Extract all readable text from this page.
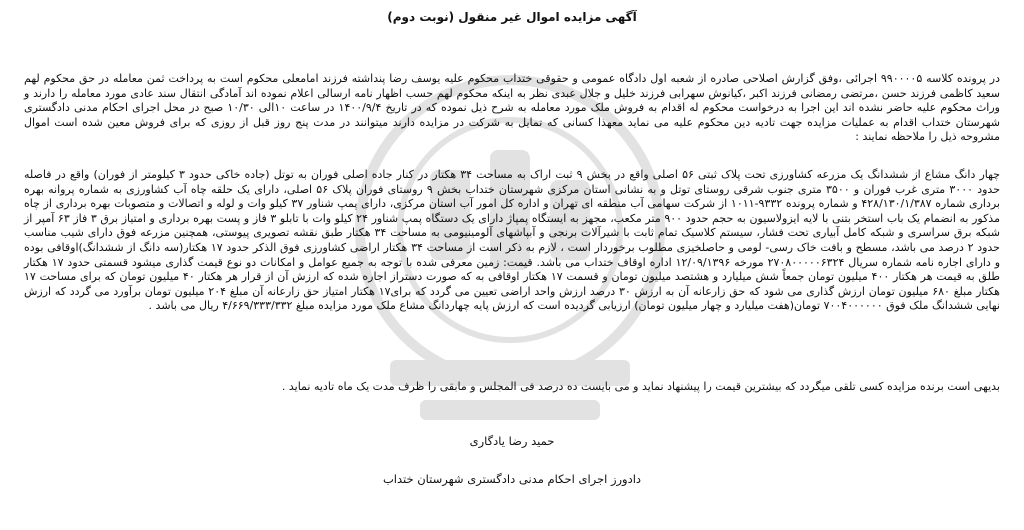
آگهی مزایده اموال غیر منقول (نوبت دوم)

در پرونده کلاسه ۹۹۰۰۰۰۵ اجرائی ،وفق گزارش اصلاحی صادره از شعبه اول دادگاه عمومی و حقوقی ختداب محکوم علیه یوسف رضا پنداشته فرزند امامعلی محکوم است به پرداخت ثمن معامله در حق محکوم لهم سعید کاظمی فرزند حسن ،مرتضی رمضانی فرزند اکبر ،کیانوش سهرابی فرزند خلیل و جلال عبدی نظر به اینکه محکوم لهم حسب اظهار نامه ارسالی اعلام نموده اند آمادگی انتقال سند عادی مورد معامله را دارند و وراث محکوم علیه حاضر نشده اند این اجرا به درخواست محکوم له اقدام به فروش ملک مورد معامله به شرح ذیل نموده که در تاریخ ۱۴۰۰/۹/۴ در ساعت ۱۰الی ۱۰/۳۰ صبح در محل اجرای احکام مدنی دادگستری شهرستان ختداب اقدام به عملیات مزایده جهت تادیه دین محکوم علیه می نماید معهذا کسانی که تمایل به شرکت در مزایده دارند میتوانند در مدت پنج روز قبل از روزی که برای فروش معین شده است اموال مشروحه ذیل را ملاحظه نمایند :

چهار دانگ مشاع از ششدانگ یک مزرعه کشاورزی تحت پلاک ثبتی ۵۶ اصلی واقع در بخش ۹ ثبت اراک به مساحت ۳۴ هکتار در کنار جاده اصلی فوران به توتل (جاده خاکی حدود ۳ کیلومتر از فوران) واقع در فاصله حدود ۳۰۰۰ متری غرب فوران و ۳۵۰۰ متری جنوب شرقی روستای توتل و به نشانی استان مرکزی شهرستان ختداب بخش ۹ روستای فوران پلاک ۵۶ اصلی، دارای یک حلقه چاه آب کشاورزی به شماره پروانه بهره برداری شماره ۴۲۸/۱۳۰/۱/۳۸۷ و شماره پرونده ۹۳۳۲-۱۰۱۱ از شرکت سهامی آب منطقه ای تهران و اداره کل امور آب استان مرکزی، دارای پمپ شناور ۳۷ کیلو وات و لوله و اتصالات و متصوبات بهره برداری از چاه مذکور به انضمام یک باب استخر بتنی با لایه ایزولاسیون به حجم حدود ۹۰۰ متر مکعب، مجهز به ایستگاه پمپاژ دارای یک دستگاه پمپ شناور ۲۴ کیلو وات با تابلو ۳ فاز و پست بهره برداری و امتیاز برق ۳ فاز ۶۳ آمپر از شبکه برق سراسری و شبکه کامل آبیاری تحت فشار، سیستم کلاسیک تمام ثابت با شیرآلات برنجی و آبپاشهای آلومینیومی به مساحت ۳۴ هکتار طبق نقشه تصویری پیوستی، همچنین مزرعه فوق دارای شیب مناسب حدود ۲ درصد می باشد، مسطح و بافت خاک رسی- لومی و حاصلخیزی مطلوب برخوردار است ، لازم به ذکر است از مساحت ۳۴ هکتار اراضی کشاورزی فوق الذکر حدود ۱۷ هکتار(سه دانگ از ششدانگ)اوقافی بوده و دارای اجاره نامه شماره سریال ۲۷۰۸۰۰۰۰۰۶۳۲۴ مورخه ۱۲/۰۹/۱۳۹۶ اداره اوقاف ختداب می باشد. قیمت: زمین معرفی شده با توجه به جمیع عوامل و امکانات دو نوع قیمت گذاری میشود قسمتی حدود ۱۷ هکتار طلق به قیمت هر هکتار ۴۰۰ میلیون تومان جمعاً شش میلیارد و هشتصد میلیون تومان و قسمت ۱۷ هکتار اوقافی به که صورت دستراز اجاره شده که ارزش آن از قرار هر هکتار ۴۰ میلیون تومان که برای مساحت ۱۷ هکتار مبلغ ۶۸۰ میلیون تومان ارزش گذاری می شود که حق زارعانه آن به ارزش ۳۰ درصد ارزش واحد اراضی تعیین می گردد که برای۱۷ هکتار امتیاز حق زارعانه آن مبلغ ۲۰۴ میلیون تومان برآورد می گردد که ارزش نهایی ششدانگ ملک فوق ۷۰۰۴۰۰۰۰۰۰ تومان(هفت میلیارد و چهار میلیون تومان) ارزیابی گردیده است که ارزش پایه چهاردانگ مشاع ملک مورد مزایده مبلغ ۴/۶۶۹/۳۳۳/۳۳۲ ریال می باشد .

بدیهی است برنده مزایده کسی تلقی میگردد که بیشترین قیمت را پیشنهاد نماید و می بایست ده درصد فی المجلس و مابقی را ظرف مدت یک ماه تادیه نماید .

حمید رضا یادگاری
دادورز اجرای احکام مدنی دادگستری شهرستان ختداب
